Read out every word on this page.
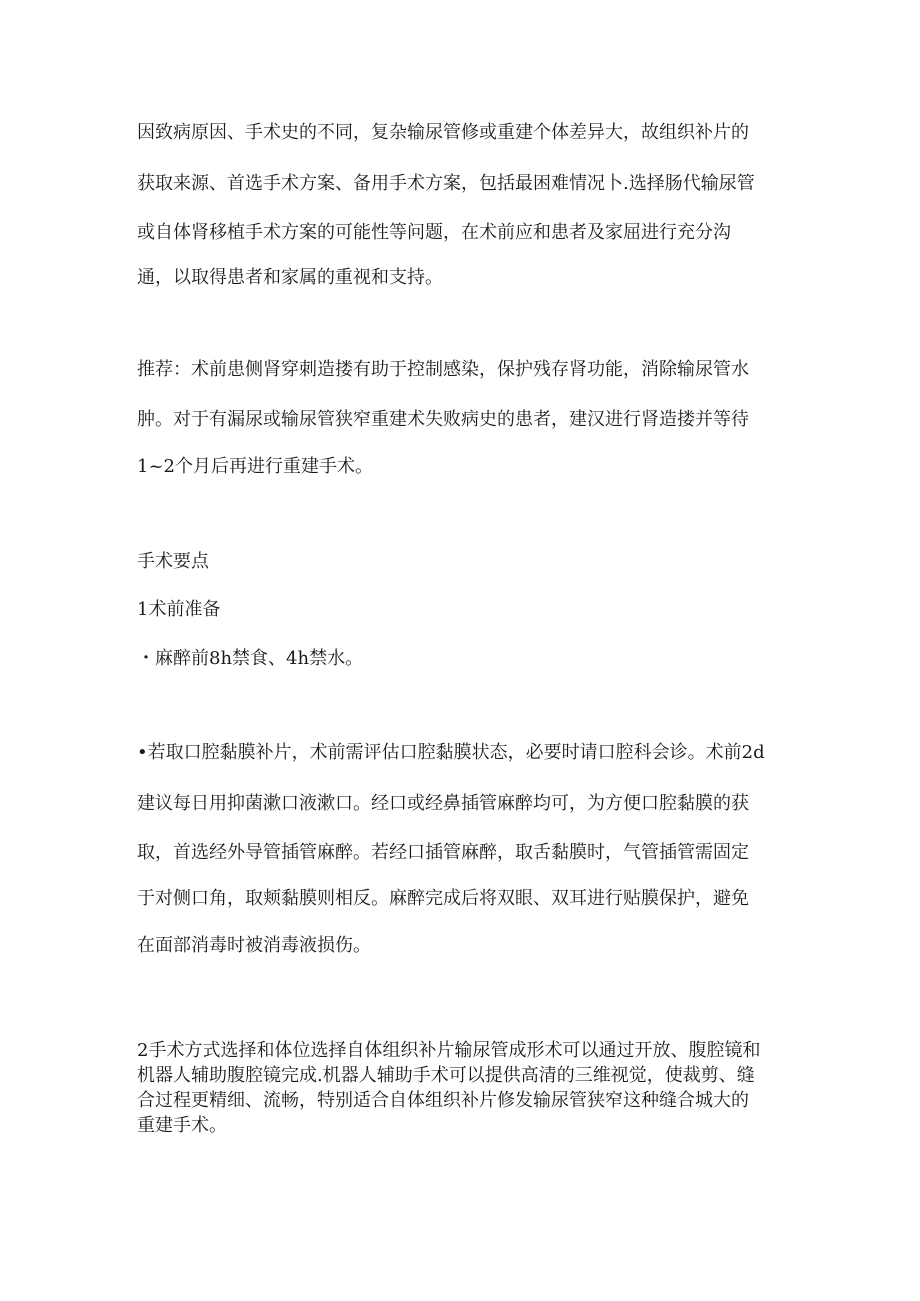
因致病原因、手术史的不同，复杂输尿管修或重建个体差异大，故组织补片的
获取来源、首选手术方案、备用手术方案，包括最困难情况卜.选择肠代输尿管
或自体肾移植手术方案的可能性等问题，在术前应和患者及家屈进行充分沟
通，以取得患者和家属的重视和支持。
推荐：术前患侧肾穿刺造搂有助于控制感染，保护残存肾功能，消除输尿管水
肿。对于有漏尿或输尿管狭窄重建术失败病史的患者，建汉进行肾造搂并等待
1~2个月后再进行重建手术。
手术要点
1术前准备
・麻醉前8h禁食、4h禁水。
•若取口腔黏膜补片，术前需评估口腔黏膜状态，必要时请口腔科会诊。术前2d
建议每日用抑菌漱口液漱口。经口或经鼻插管麻醉均可，为方便口腔黏膜的获
取，首选经外导管插管麻醉。若经口插管麻醉，取舌黏膜时，气管插管需固定
于对侧口角，取颊黏膜则相反。麻醉完成后将双眼、双耳进行贴膜保护，避免
在面部消毒时被消毒液损伤。
2手术方式选择和体位选择自体组织补片输尿管成形术可以通过开放、腹腔镜和
机器人辅助腹腔镜完成.机器人辅助手术可以提供高清的三维视觉，使裁剪、缝
合过程更精细、流畅，特别适合自体组织补片修发输尿管狭窄这种缝合城大的
重建手术。
